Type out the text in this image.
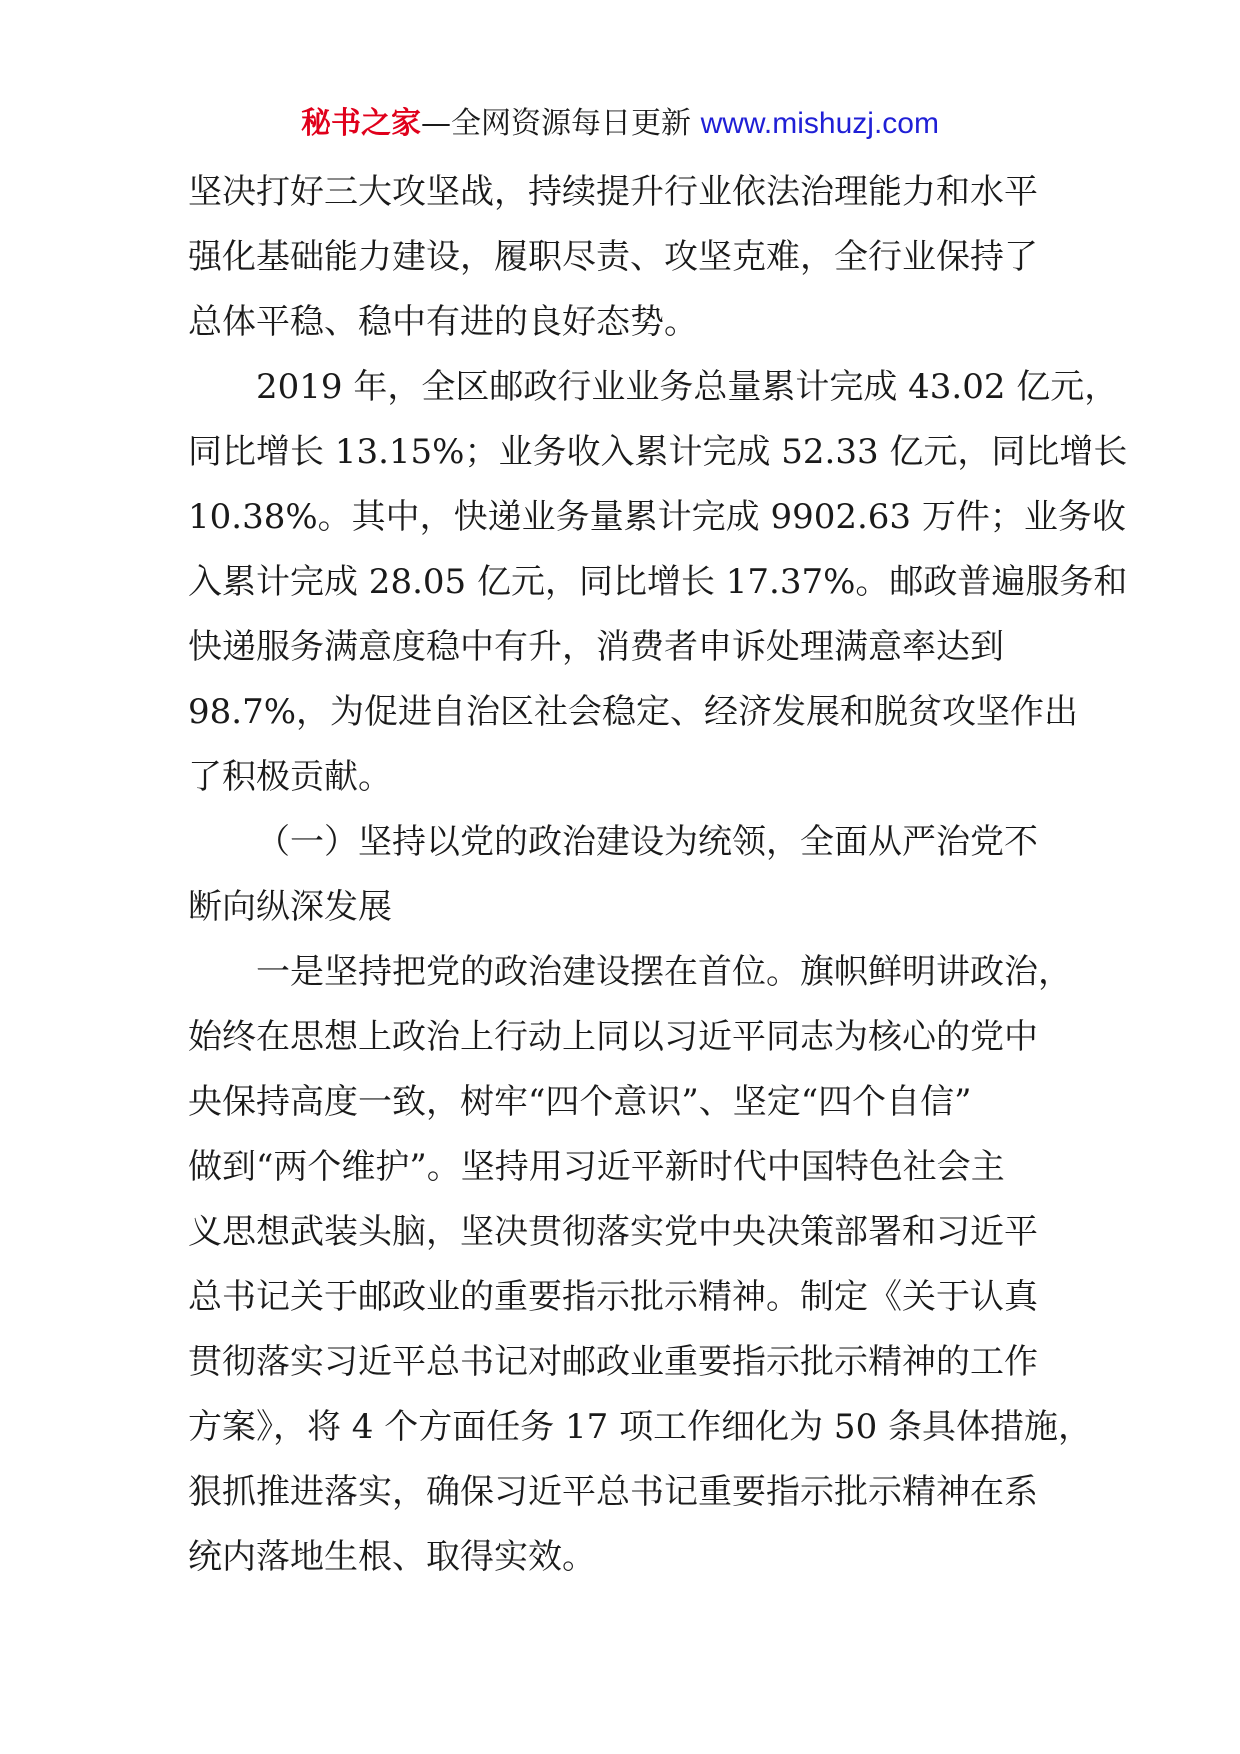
秘书之家—全网资源每日更新 www.mishuzj.com
坚决打好三大攻坚战，持续提升行业依法治理能力和水平
强化基础能力建设，履职尽责、攻坚克难，全行业保持了
总体平稳、稳中有进的良好态势。
2019 年，全区邮政行业业务总量累计完成 43.02 亿元，
同比增长 13.15%；业务收入累计完成 52.33 亿元，同比增长
10.38%。其中，快递业务量累计完成 9902.63 万件；业务收
入累计完成 28.05 亿元，同比增长 17.37%。邮政普遍服务和
快递服务满意度稳中有升，消费者申诉处理满意率达到
98.7%，为促进自治区社会稳定、经济发展和脱贫攻坚作出
了积极贡献。
（一）坚持以党的政治建设为统领，全面从严治党不
断向纵深发展
一是坚持把党的政治建设摆在首位。旗帜鲜明讲政治，
始终在思想上政治上行动上同以习近平同志为核心的党中
央保持高度一致，树牢“四个意识”、坚定“四个自信”
做到“两个维护”。坚持用习近平新时代中国特色社会主
义思想武装头脑，坚决贯彻落实党中央决策部署和习近平
总书记关于邮政业的重要指示批示精神。制定《关于认真
贯彻落实习近平总书记对邮政业重要指示批示精神的工作
方案》，将 4 个方面任务 17 项工作细化为 50 条具体措施，
狠抓推进落实，确保习近平总书记重要指示批示精神在系
统内落地生根、取得实效。
